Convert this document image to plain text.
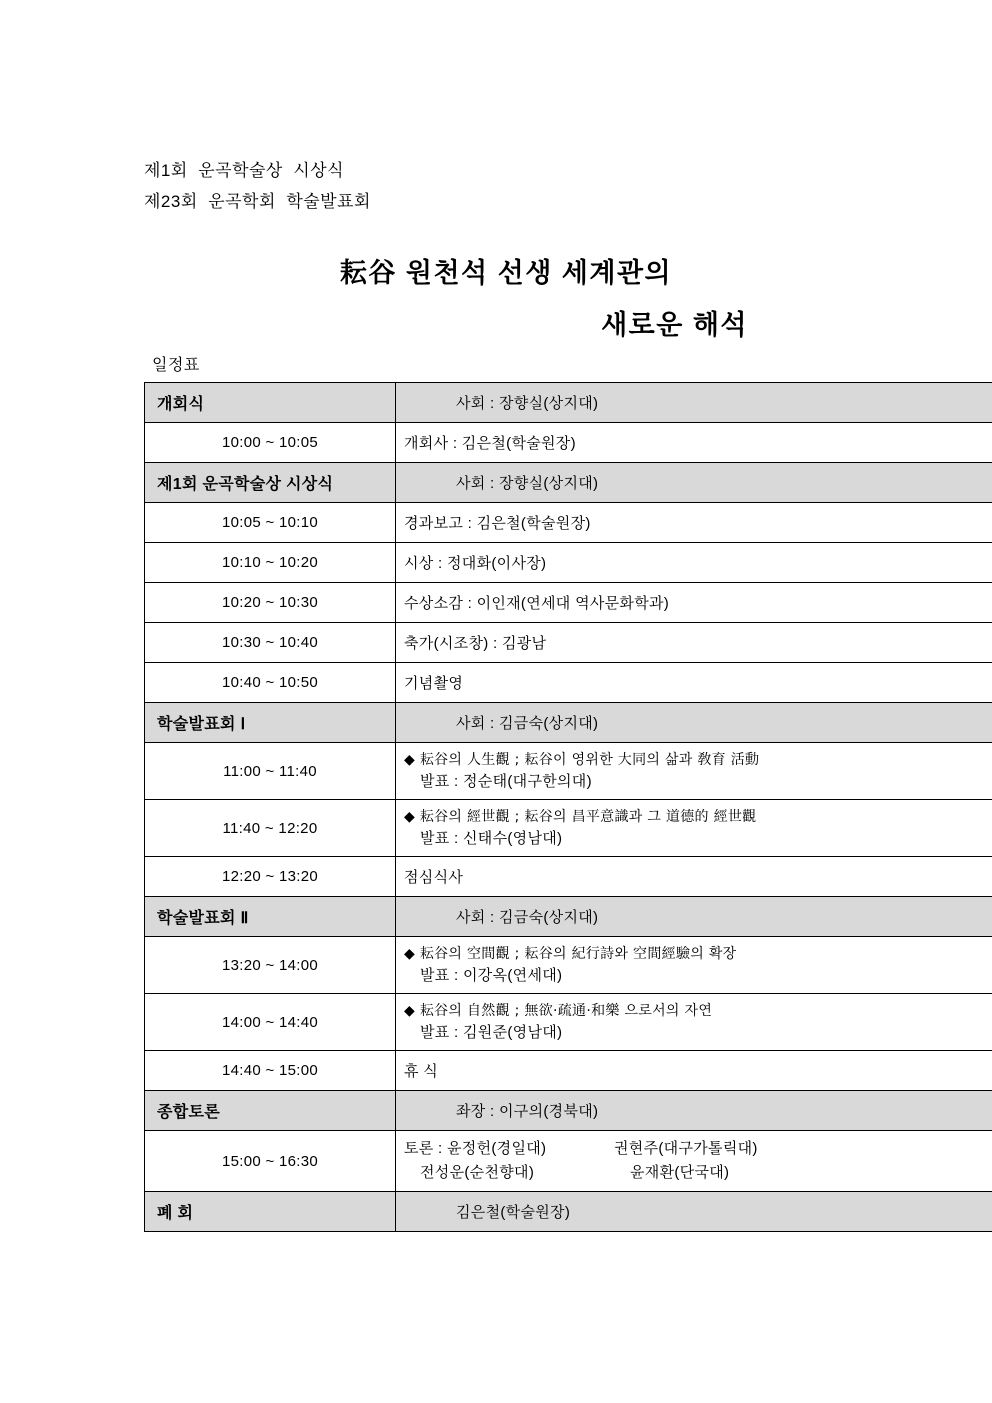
제1회  운곡학술상  시상식
제23회  운곡학회  학술발표회
耘谷 원천석 선생 세계관의
새로운 해석
일정표
개회식	사회 : 장향실(상지대)
10:00 ~ 10:05	개회사 : 김은철(학술원장)
제1회 운곡학술상 시상식	사회 : 장향실(상지대)
10:05 ~ 10:10	경과보고 : 김은철(학술원장)
10:10 ~ 10:20	시상 : 정대화(이사장)
10:20 ~ 10:30	수상소감 : 이인재(연세대 역사문화학과)
10:30 ~ 10:40	축가(시조창) : 김광남
10:40 ~ 10:50	기념촬영
학술발표회 Ⅰ	사회 : 김금숙(상지대)
11:00 ~ 11:40	◆ 耘谷의 人生觀 ; 耘谷이 영위한 大同의 삶과 敎育 活動
발표 : 정순태(대구한의대)

11:40 ~ 12:20	◆ 耘谷의 經世觀 ; 耘谷의 昌平意識과 그 道德的 經世觀
발표 : 신태수(영남대)

12:20 ~ 13:20	점심식사
학술발표회 Ⅱ	사회 : 김금숙(상지대)
13:20 ~ 14:00	◆ 耘谷의 空間觀 ; 耘谷의 紀行詩와 空間經驗의 확장
발표 : 이강옥(연세대)

14:00 ~ 14:40	◆ 耘谷의 自然觀 ; 無欲·疏通·和樂 으로서의 자연
발표 : 김원준(영남대)

14:40 ~ 15:00	휴 식
종합토론	좌장 : 이구의(경북대)
15:00 ~ 16:30	토론 : 윤정헌(경일대) 권현주(대구가톨릭대)
전성운(순천향대) 윤재환(단국대)

폐 회	김은철(학술원장)
